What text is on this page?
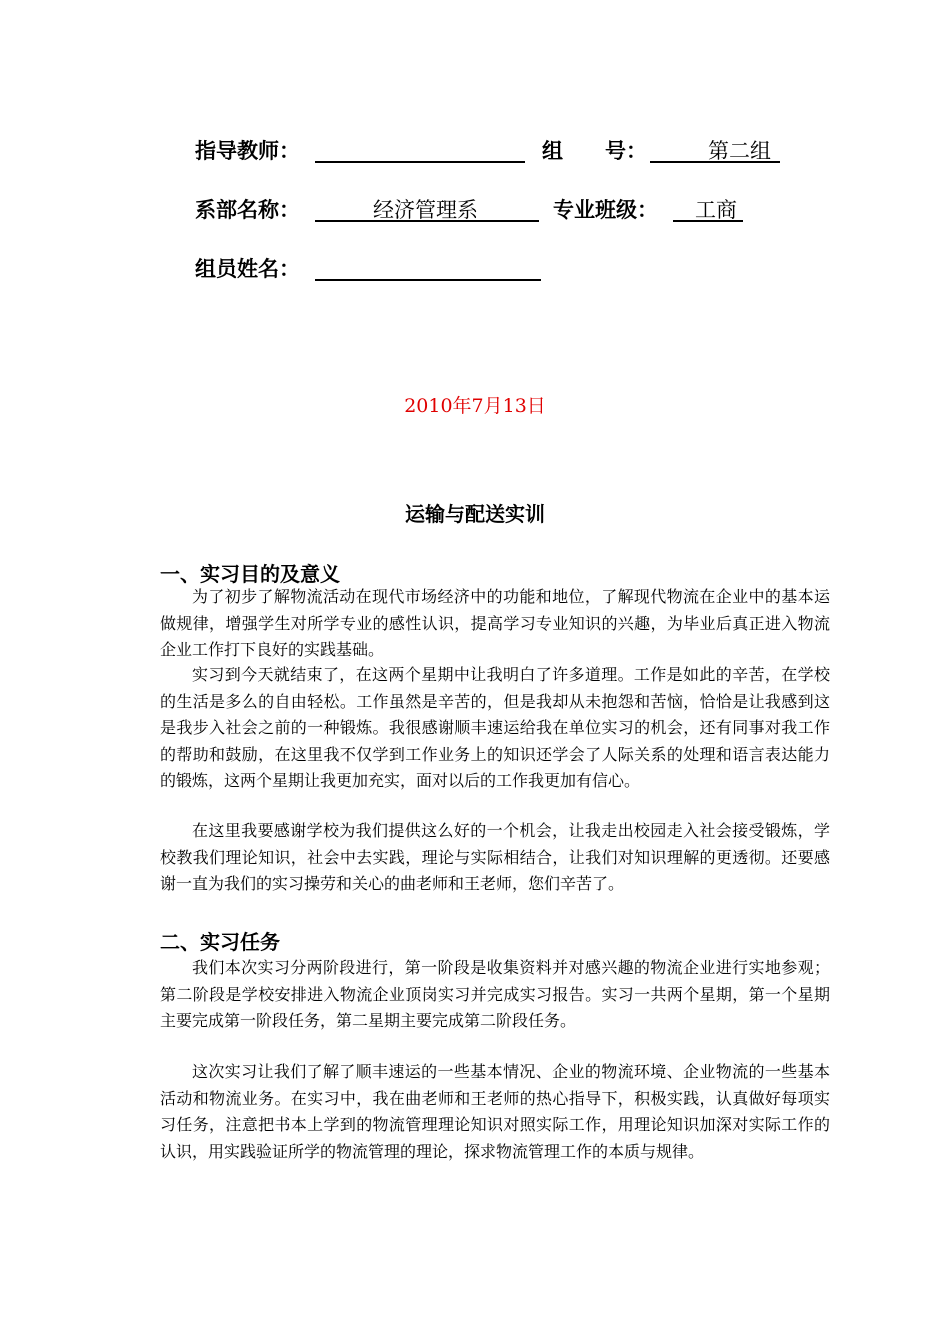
指导教师：	组　　号：	第二组
系部名称：	经济管理系	专业班级： 工商
组员姓名：
2010年7月13日
运输与配送实训
一、实习目的及意义

为了初步了解物流活动在现代市场经济中的功能和地位，了解现代物流在企业中的基本运做规律，增强学生对所学专业的感性认识，提高学习专业知识的兴趣，为毕业后真正进入物流企业工作打下良好的实践基础。

实习到今天就结束了，在这两个星期中让我明白了许多道理。工作是如此的辛苦，在学校的生活是多么的自由轻松。工作虽然是辛苦的，但是我却从未抱怨和苦恼，恰恰是让我感到这是我步入社会之前的一种锻炼。我很感谢顺丰速运给我在单位实习的机会，还有同事对我工作的帮助和鼓励，在这里我不仅学到工作业务上的知识还学会了人际关系的处理和语言表达能力的锻炼，这两个星期让我更加充实，面对以后的工作我更加有信心。

在这里我要感谢学校为我们提供这么好的一个机会，让我走出校园走入社会接受锻炼，学校教我们理论知识，社会中去实践，理论与实际相结合，让我们对知识理解的更透彻。还要感谢一直为我们的实习操劳和关心的曲老师和王老师，您们辛苦了。

二、实习任务

我们本次实习分两阶段进行，第一阶段是收集资料并对感兴趣的物流企业进行实地参观；第二阶段是学校安排进入物流企业顶岗实习并完成实习报告。实习一共两个星期，第一个星期主要完成第一阶段任务，第二星期主要完成第二阶段任务。

这次实习让我们了解了顺丰速运的一些基本情况、企业的物流环境、企业物流的一些基本活动和物流业务。在实习中，我在曲老师和王老师的热心指导下，积极实践，认真做好每项实习任务，注意把书本上学到的物流管理理论知识对照实际工作，用理论知识加深对实际工作的认识，用实践验证所学的物流管理的理论，探求物流管理工作的本质与规律。
